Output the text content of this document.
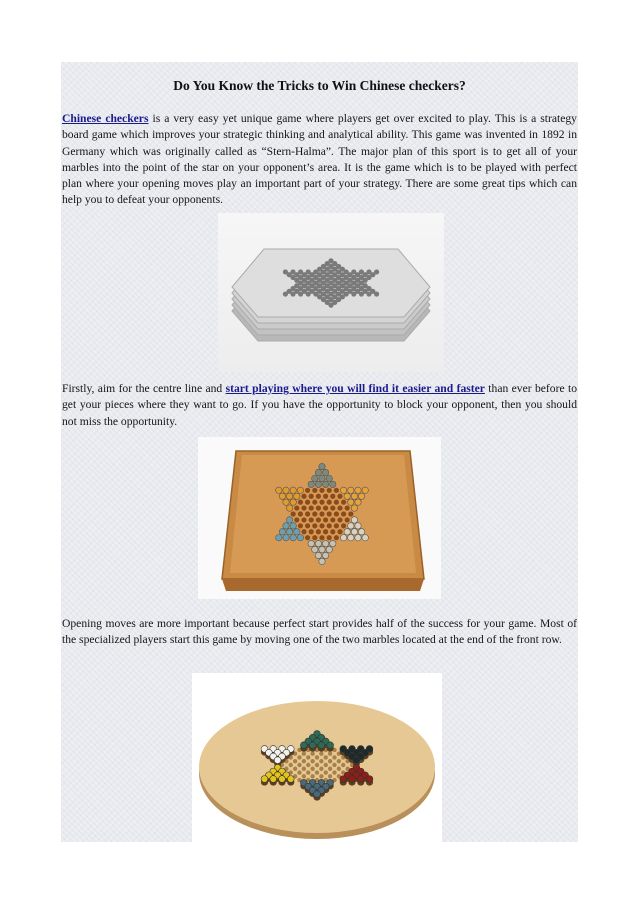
Do You Know the Tricks to Win Chinese checkers?
Chinese checkers is a very easy yet unique game where players get over excited to play. This is a strategy board game which improves your strategic thinking and analytical ability. This game was invented in 1892 in Germany which was originally called as “Stern-Halma”. The major plan of this sport is to get all of your marbles into the point of the star on your opponent’s area. It is the game which is to be played with perfect plan where your opening moves play an important part of your strategy. There are some great tips which can help you to defeat your opponents.
Firstly, aim for the centre line and start playing where you will find it easier and faster than ever before to get your pieces where they want to go. If you have the opportunity to block your opponent, then you should not miss the opportunity.
Opening moves are more important because perfect start provides half of the success for your game. Most of the specialized players start this game by moving one of the two marbles located at the end of the front row.
